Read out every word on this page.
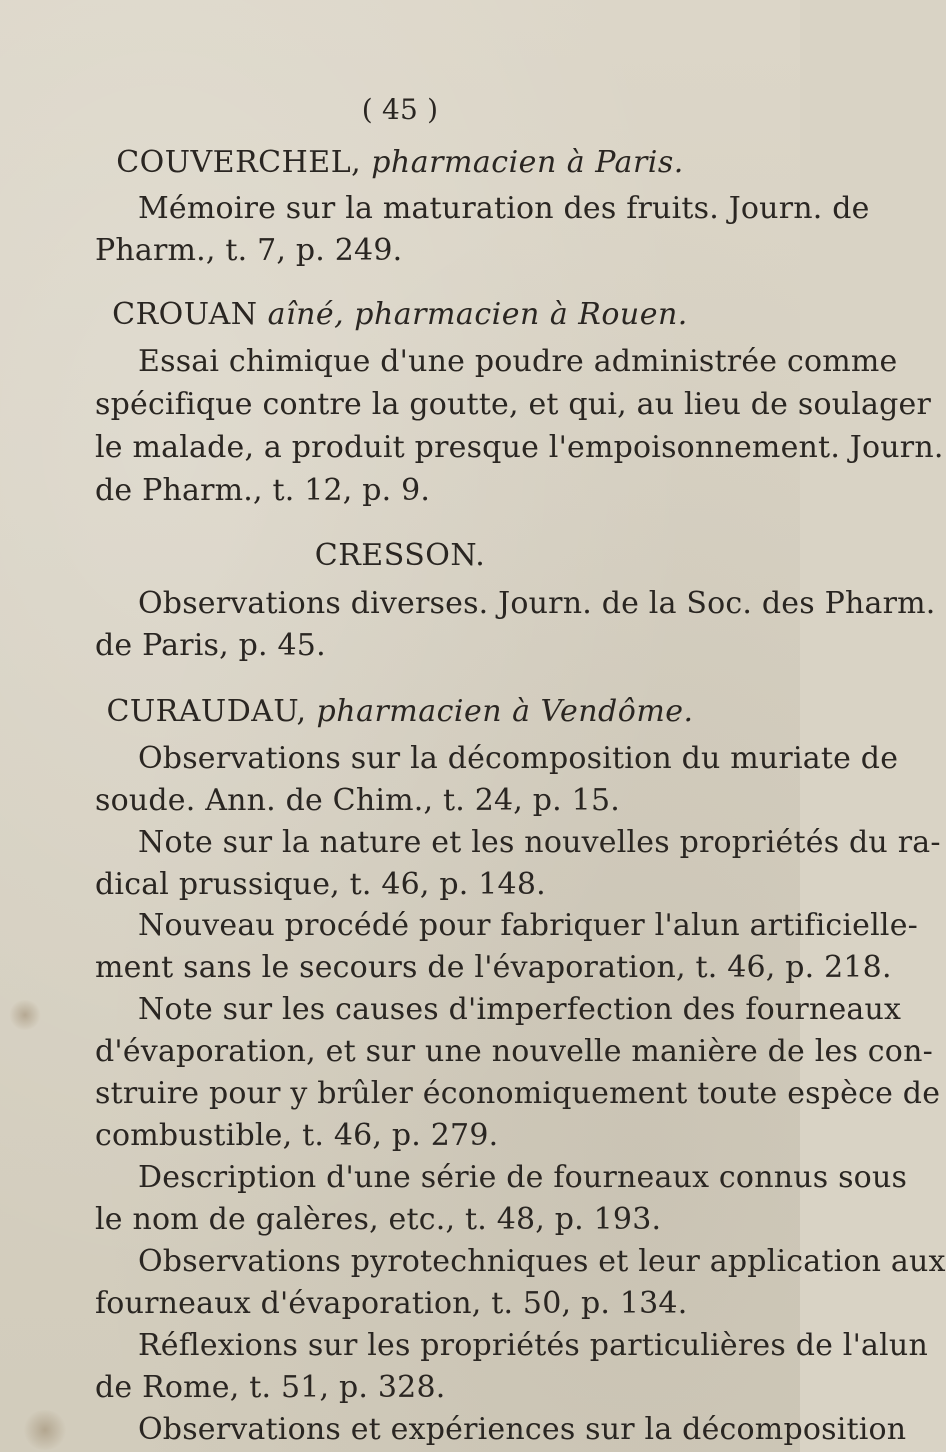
( 45 )
COUVERCHEL, pharmacien à Paris.
Mémoire sur la maturation des fruits. Journ. de
Pharm., t. 7, p. 249.
CROUAN aîné, pharmacien à Rouen.
Essai chimique d'une poudre administrée comme
spécifique contre la goutte, et qui, au lieu de soulager
le malade, a produit presque l'empoisonnement. Journ.
de Pharm., t. 12, p. 9.
CRESSON.
Observations diverses. Journ. de la Soc. des Pharm.
de Paris, p. 45.
CURAUDAU, pharmacien à Vendôme.
Observations sur la décomposition du muriate de
soude. Ann. de Chim., t. 24, p. 15.
Note sur la nature et les nouvelles propriétés du ra-
dical prussique, t. 46, p. 148.
Nouveau procédé pour fabriquer l'alun artificielle-
ment sans le secours de l'évaporation, t. 46, p. 218.
Note sur les causes d'imperfection des fourneaux
d'évaporation, et sur une nouvelle manière de les con-
struire pour y brûler économiquement toute espèce de
combustible, t. 46, p. 279.
Description d'une série de fourneaux connus sous
le nom de galères, etc., t. 48, p. 193.
Observations pyrotechniques et leur application aux
fourneaux d'évaporation, t. 50, p. 134.
Réflexions sur les propriétés particulières de l'alun
de Rome, t. 51, p. 328.
Observations et expériences sur la décomposition
